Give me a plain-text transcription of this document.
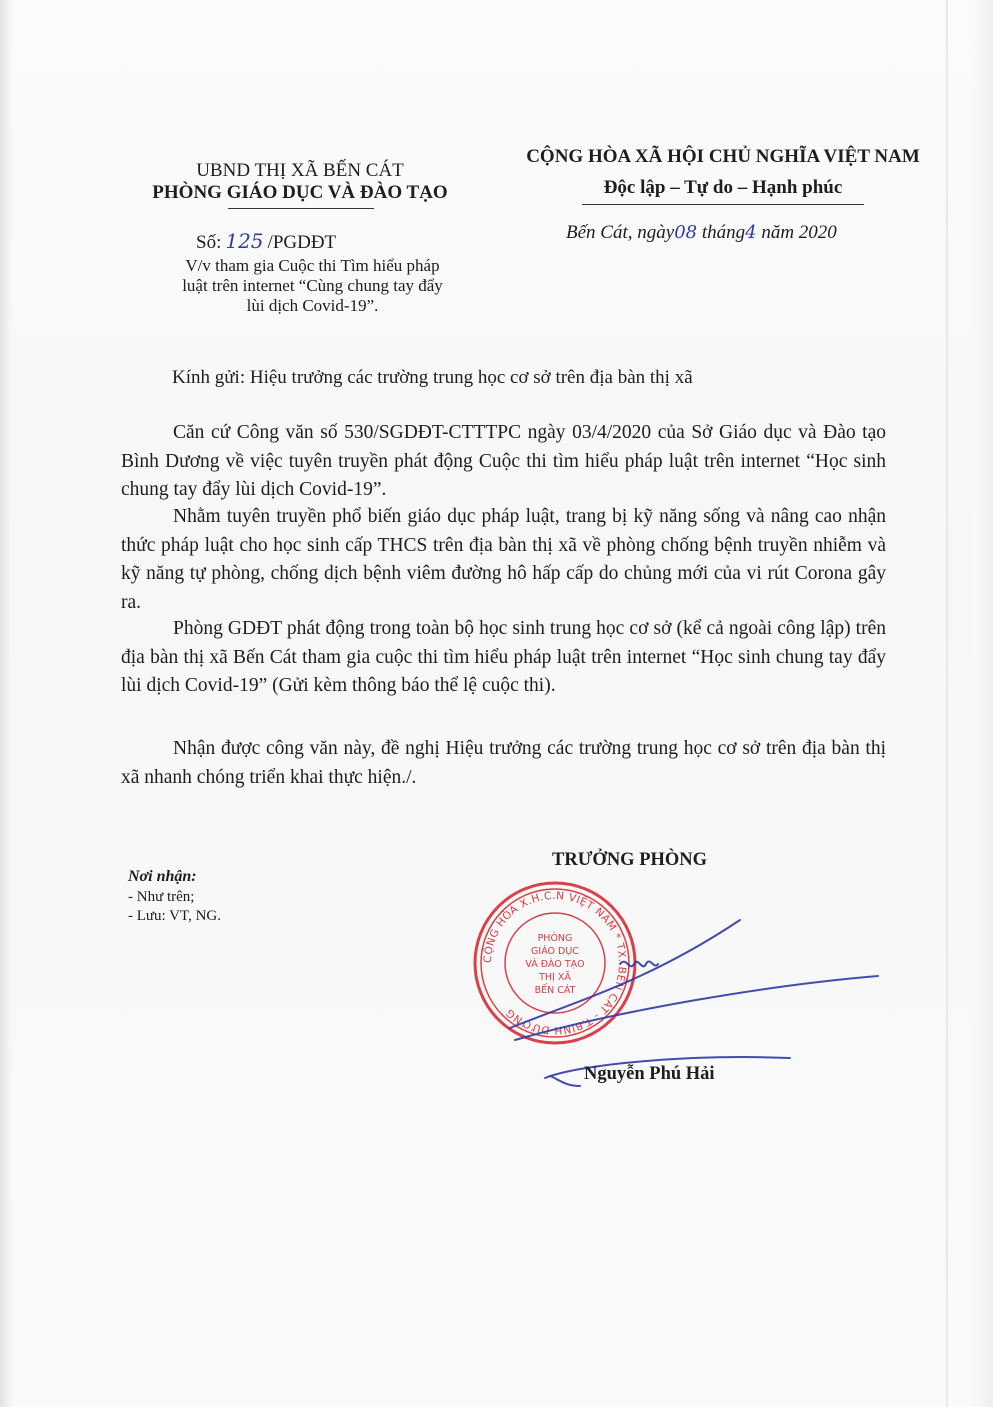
UBND THỊ XÃ BẾN CÁT
PHÒNG GIÁO DỤC VÀ ĐÀO TẠO
CỘNG HÒA XÃ HỘI CHỦ NGHĨA VIỆT NAM
Độc lập – Tự do – Hạnh phúc
Số: 125 /PGDĐT
V/v tham gia Cuộc thi Tìm hiểu pháp
luật trên internet “Cùng chung tay đẩy
lùi dịch Covid-19”.
Bến Cát, ngày08 tháng4 năm 2020
Kính gửi: Hiệu trưởng các trường trung học cơ sở trên địa bàn thị xã
Căn cứ Công văn số 530/SGDĐT-CTTTPC ngày 03/4/2020 của Sở Giáo dục và Đào tạo Bình Dương về việc tuyên truyền phát động Cuộc thi tìm hiểu pháp luật trên internet “Học sinh chung tay đẩy lùi dịch Covid-19”.
Nhằm tuyên truyền phổ biến giáo dục pháp luật, trang bị kỹ năng sống và nâng cao nhận thức pháp luật cho học sinh cấp THCS trên địa bàn thị xã về phòng chống bệnh truyền nhiễm và kỹ năng tự phòng, chống dịch bệnh viêm đường hô hấp cấp do chủng mới của vi rút Corona gây ra.
Phòng GDĐT phát động trong toàn bộ học sinh trung học cơ sở (kể cả ngoài công lập) trên địa bàn thị xã Bến Cát tham gia cuộc thi tìm hiểu pháp luật trên internet “Học sinh chung tay đẩy lùi dịch Covid-19” (Gửi kèm thông báo thể lệ cuộc thi).
Nhận được công văn này, đề nghị Hiệu trưởng các trường trung học cơ sở trên địa bàn thị xã nhanh chóng triển khai thực hiện./.
Nơi nhận:
- Như trên;
- Lưu: VT, NG.
TRƯỞNG PHÒNG
CỘNG HÒA X.H.C.N VIỆT NAM * TX. BẾN CÁT - T.BÌNH DƯƠNG
PHÒNG
GIÁO DỤC
VÀ ĐÀO TẠO
THỊ XÃ
BẾN CÁT
Nguyễn Phú Hải
